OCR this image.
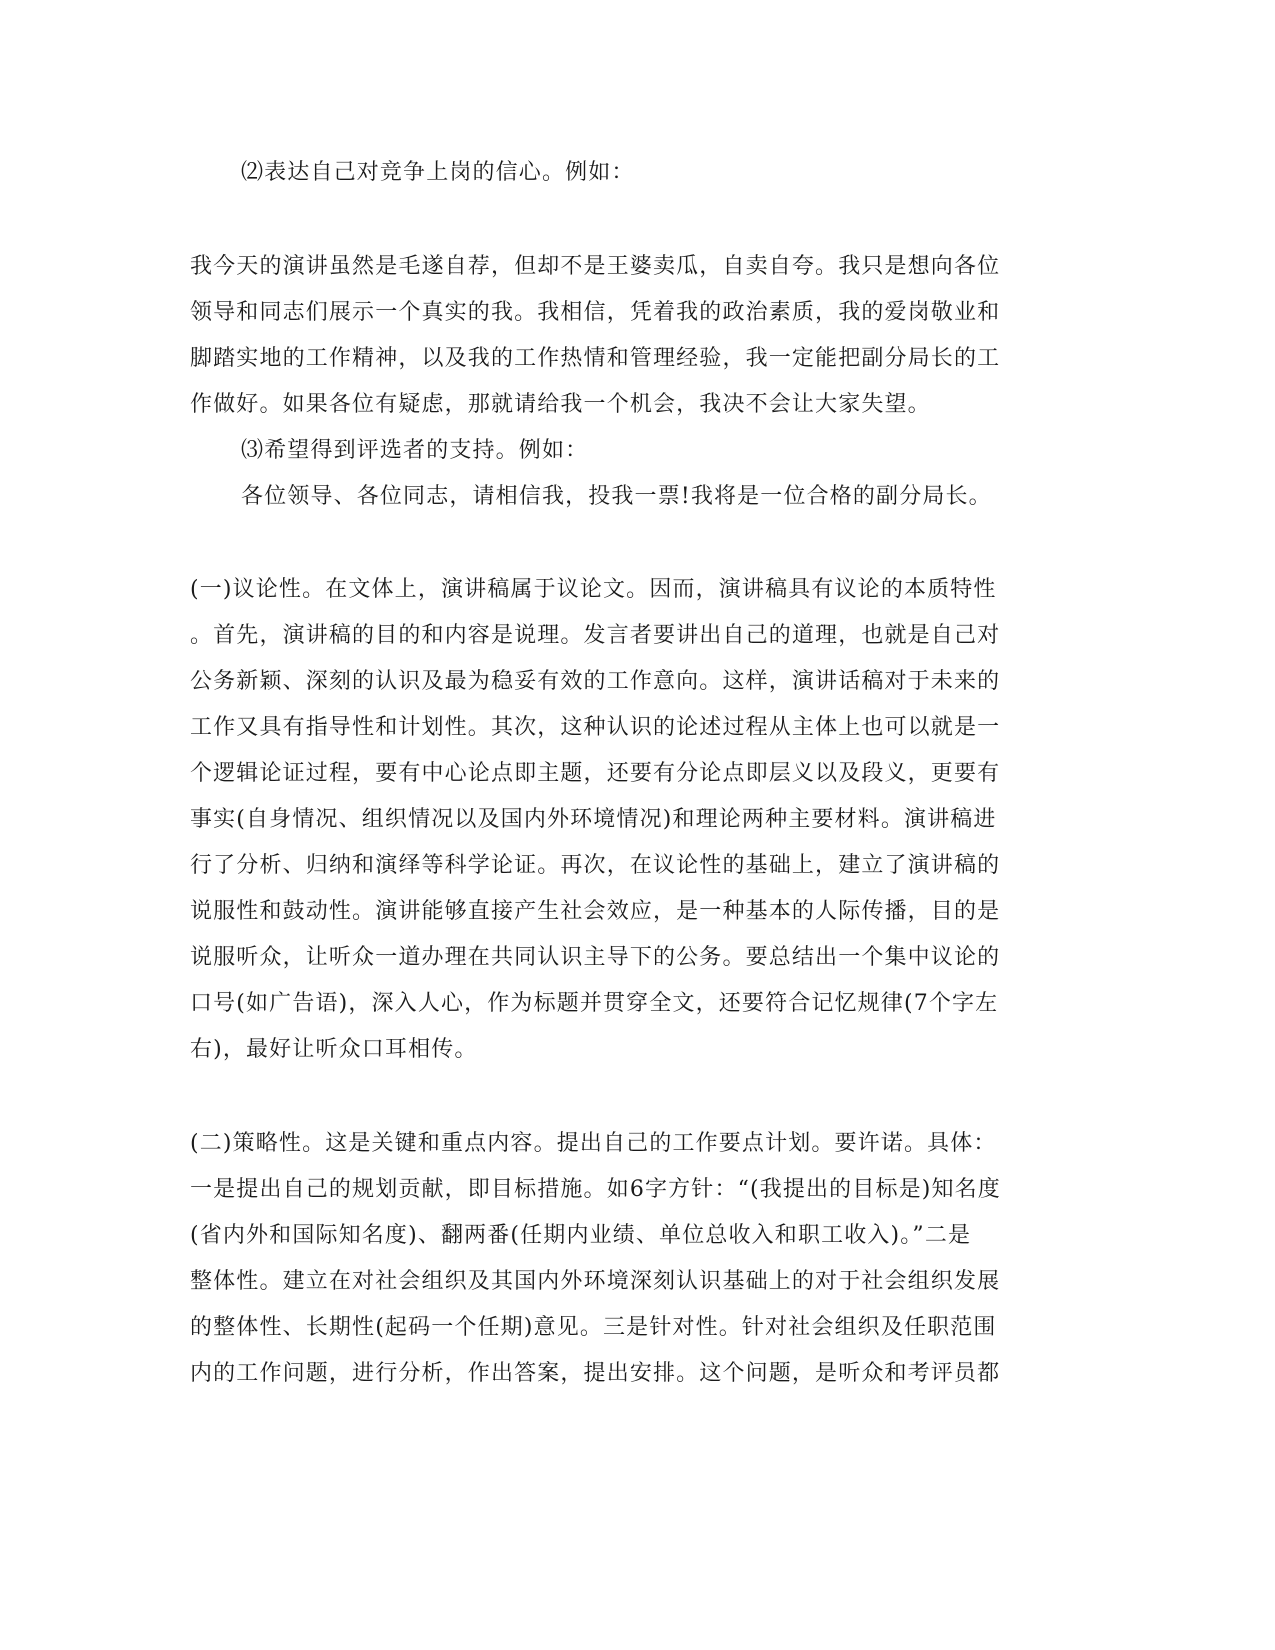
⑵表达自己对竞争上岗的信心。例如：
我今天的演讲虽然是毛遂自荐，但却不是王婆卖瓜，自卖自夸。我只是想向各位
领导和同志们展示一个真实的我。我相信，凭着我的政治素质，我的爱岗敬业和
脚踏实地的工作精神，以及我的工作热情和管理经验，我一定能把副分局长的工
作做好。如果各位有疑虑，那就请给我一个机会，我决不会让大家失望。
⑶希望得到评选者的支持。例如：
各位领导、各位同志，请相信我，投我一票!我将是一位合格的副分局长。
(一)议论性。在文体上，演讲稿属于议论文。因而，演讲稿具有议论的本质特性
。首先，演讲稿的目的和内容是说理。发言者要讲出自己的道理，也就是自己对
公务新颖、深刻的认识及最为稳妥有效的工作意向。这样，演讲话稿对于未来的
工作又具有指导性和计划性。其次，这种认识的论述过程从主体上也可以就是一
个逻辑论证过程，要有中心论点即主题，还要有分论点即层义以及段义，更要有
事实(自身情况、组织情况以及国内外环境情况)和理论两种主要材料。演讲稿进
行了分析、归纳和演绎等科学论证。再次，在议论性的基础上，建立了演讲稿的
说服性和鼓动性。演讲能够直接产生社会效应，是一种基本的人际传播，目的是
说服听众，让听众一道办理在共同认识主导下的公务。要总结出一个集中议论的
口号(如广告语)，深入人心，作为标题并贯穿全文，还要符合记忆规律(7个字左
右)，最好让听众口耳相传。
(二)策略性。这是关键和重点内容。提出自己的工作要点计划。要许诺。具体：
一是提出自己的规划贡献，即目标措施。如6字方针：“(我提出的目标是)知名度
(省内外和国际知名度)、翻两番(任期内业绩、单位总收入和职工收入)。”二是
整体性。建立在对社会组织及其国内外环境深刻认识基础上的对于社会组织发展
的整体性、长期性(起码一个任期)意见。三是针对性。针对社会组织及任职范围
内的工作问题，进行分析，作出答案，提出安排。这个问题，是听众和考评员都
